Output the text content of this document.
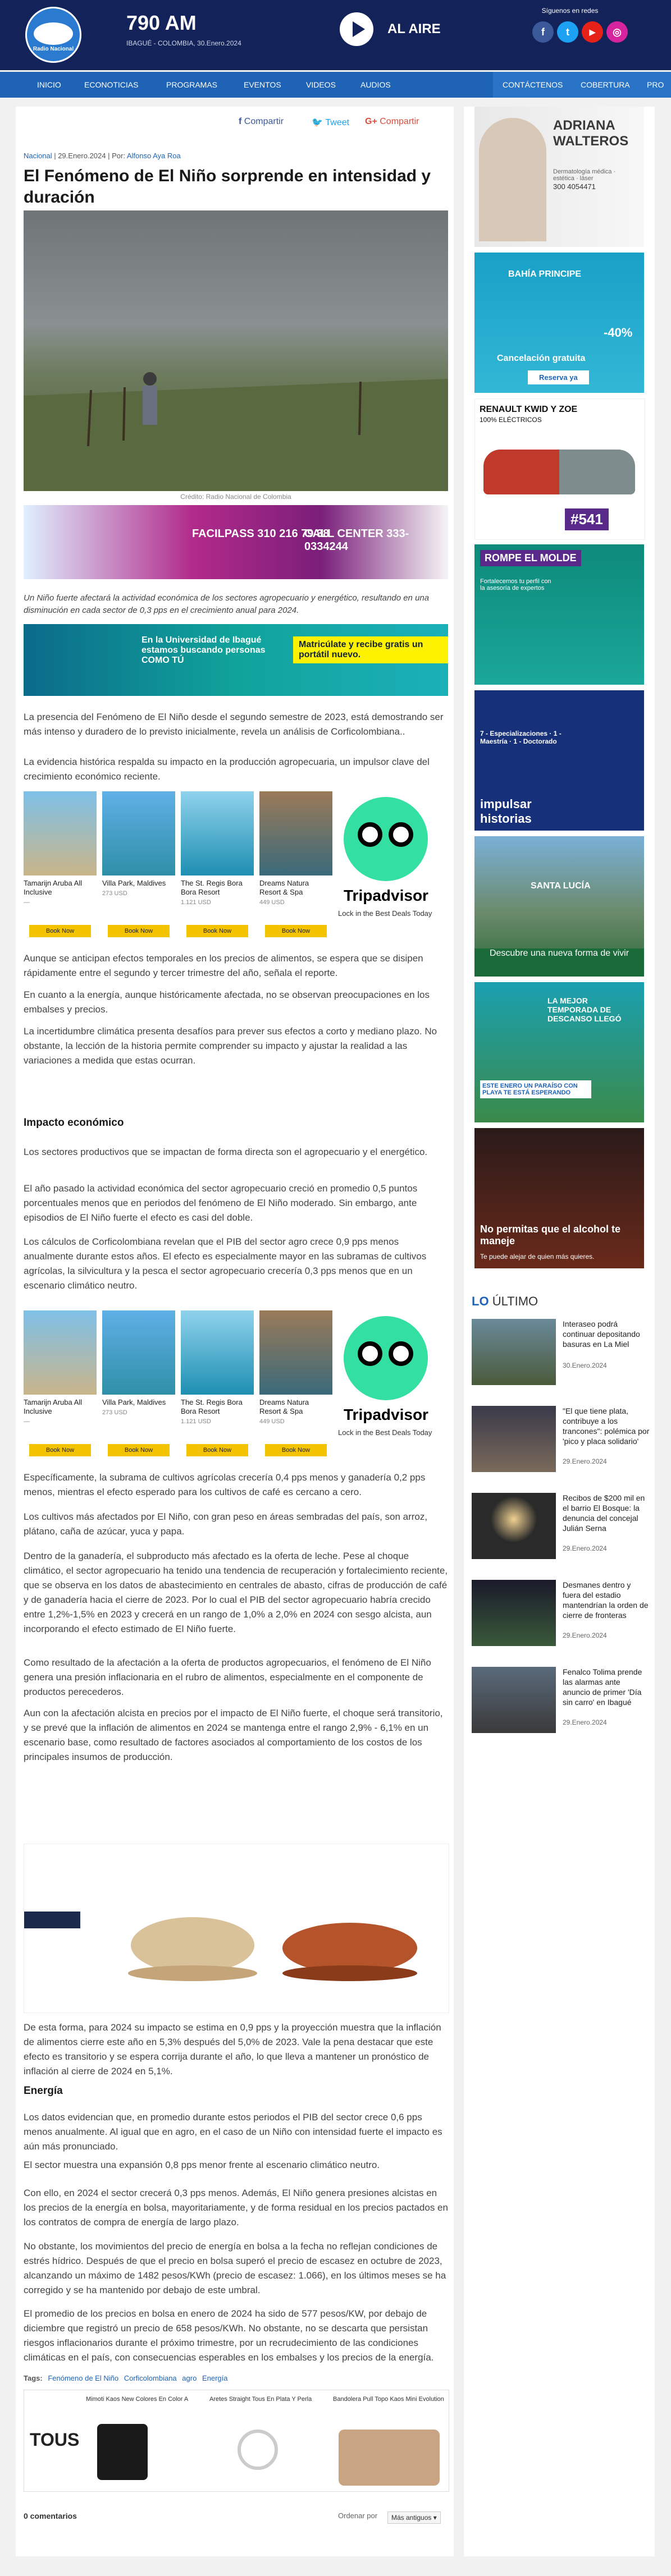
Radio Nacional
790 AM
IBAGUÉ - COLOMBIA, 30.Enero.2024
AL AIRE
Síguenos en redes
f	t	▶	◎
INICIO	ECONOTICIAS	PROGRAMAS	EVENTOS	VIDEOS	AUDIOS	CONTÁCTENOS COBERTURA PRO
f Compartir	🐦 Tweet G+ Compartir
Nacional | 29.Enero.2024 | Por: Alfonso Aya Roa
El Fenómeno de El Niño sorprende en intensidad y duración
Crédito: Radio Nacional de Colombia
FACILPASS 310 216 79 38
CALL CENTER 333-0334244
Un Niño fuerte afectará la actividad económica de los sectores agropecuario y energético, resultando en una disminución en cada sector de 0,3 pps en el crecimiento anual para 2024.
En la Universidad de Ibagué estamos buscando personas COMO TÚ
Matricúlate y recibe gratis un portátil nuevo.
La presencia del Fenómeno de El Niño desde el segundo semestre de 2023, está demostrando ser más intenso y duradero de lo previsto inicialmente, revela un análisis de Corficolombiana..
La evidencia histórica respalda su impacto en la producción agropecuaria, un impulsor clave del crecimiento económico reciente.
Tamarijn Aruba All Inclusive
—
Book Now
Villa Park, Maldives
273 USD
Book Now
The St. Regis Bora Bora Resort
1.121 USD
Book Now
Dreams Natura Resort & Spa
449 USD
Book Now
Tripadvisor
Lock in the Best Deals Today
Aunque se anticipan efectos temporales en los precios de alimentos, se espera que se disipen rápidamente entre el segundo y tercer trimestre del año, señala el reporte.
En cuanto a la energía, aunque históricamente afectada, no se observan preocupaciones en los embalses y precios.
La incertidumbre climática presenta desafíos para prever sus efectos a corto y mediano plazo. No obstante, la lección de la historia permite comprender su impacto y ajustar la realidad a las variaciones a medida que estas ocurran.
Impacto económico
Los sectores productivos que se impactan de forma directa son el agropecuario y el energético.
El año pasado la actividad económica del sector agropecuario creció en promedio 0,5 puntos porcentuales menos que en periodos del fenómeno de El Niño moderado. Sin embargo, ante episodios de El Niño fuerte el efecto es casi del doble.
Los cálculos de Corficolombiana revelan que el PIB del sector agro crece 0,9 pps menos anualmente durante estos años. El efecto es especialmente mayor en las subramas de cultivos agrícolas, la silvicultura y la pesca el sector agropecuario crecería 0,3 pps menos que en un escenario climático neutro.
Tamarijn Aruba All Inclusive
—
Book Now
Villa Park, Maldives
273 USD
Book Now
The St. Regis Bora Bora Resort
1.121 USD
Book Now
Dreams Natura Resort & Spa
449 USD
Book Now
Tripadvisor
Lock in the Best Deals Today
Específicamente, la subrama de cultivos agrícolas crecería 0,4 pps menos y ganadería 0,2 pps menos, mientras el efecto esperado para los cultivos de café es cercano a cero.
Los cultivos más afectados por El Niño, con gran peso en áreas sembradas del país, son arroz, plátano, caña de azúcar, yuca y papa.
Dentro de la ganadería, el subproducto más afectado es la oferta de leche. Pese al choque climático, el sector agropecuario ha tenido una tendencia de recuperación y fortalecimiento reciente, que se observa en los datos de abastecimiento en centrales de abasto, cifras de producción de café y de ganadería hacia el cierre de 2023. Por lo cual el PIB del sector agropecuario habría crecido entre 1,2%-1,5% en 2023 y crecerá en un rango de 1,0% a 2,0% en 2024 con sesgo alcista, aun incorporando el efecto estimado de El Niño fuerte.
Como resultado de la afectación a la oferta de productos agropecuarios, el fenómeno de El Niño genera una presión inflacionaria en el rubro de alimentos, especialmente en el componente de productos perecederos.
Aun con la afectación alcista en precios por el impacto de El Niño fuerte, el choque será transitorio, y se prevé que la inflación de alimentos en 2024 se mantenga entre el rango 2,9% - 6,1% en un escenario base, como resultado de factores asociados al comportamiento de los costos de los principales insumos de producción.
De esta forma, para 2024 su impacto se estima en 0,9 pps y la proyección muestra que la inflación de alimentos cierre este año en 5,3% después del 5,0% de 2023. Vale la pena destacar que este efecto es transitorio y se espera corrija durante el año, lo que lleva a mantener un pronóstico de inflación al cierre de 2024 en 5,1%.
Energía
Los datos evidencian que, en promedio durante estos periodos el PIB del sector crece 0,6 pps menos anualmente. Al igual que en agro, en el caso de un Niño con intensidad fuerte el impacto es aún más pronunciado.
El sector muestra una expansión 0,8 pps menor frente al escenario climático neutro.
Con ello, en 2024 el sector crecerá 0,3 pps menos. Además, El Niño genera presiones alcistas en los precios de la energía en bolsa, mayoritariamente, y de forma residual en los precios pactados en los contratos de compra de energía de largo plazo.
No obstante, los movimientos del precio de energía en bolsa a la fecha no reflejan condiciones de estrés hídrico. Después de que el precio en bolsa superó el precio de escasez en octubre de 2023, alcanzando un máximo de 1482 pesos/KWh (precio de escasez: 1.066), en los últimos meses se ha corregido y se ha mantenido por debajo de este umbral.
El promedio de los precios en bolsa en enero de 2024 ha sido de 577 pesos/KW, por debajo de diciembre que registró un precio de 658 pesos/KWh. No obstante, no se descarta que persistan riesgos inflacionarios durante el próximo trimestre, por un recrudecimiento de las condiciones climáticas en el país, con consecuencias esperables en los embalses y los precios de la energía.
Tags: Fenómeno de El Niño Corficolombiana agro Energía
TOUS
Mimoti Kaos New Colores En Color A	Aretes Straight Tous En Plata Y Perla	Bandolera Pull Topo Kaos Mini Evolution
0 comentarios	Ordenar por	Más antiguos ▾
ADRIANA WALTEROS
Dermatología médica · estética · láser
300 4054471
BAHÍA PRINCIPE
-40%
Cancelación gratuita
Reserva ya
RENAULT KWID Y ZOE
100% ELÉCTRICOS
#541
ROMPE EL MOLDE
Fortalecemos tu perfil con la asesoría de expertos
7 - Especializaciones · 1 - Maestría · 1 - Doctorado
impulsar historias
SANTA LUCÍA
Descubre una nueva forma de vivir
LA MEJOR TEMPORADA DE DESCANSO LLEGÓ
ESTE ENERO UN PARAÍSO CON PLAYA TE ESTÁ ESPERANDO
No permitas que el alcohol te maneje
Te puede alejar de quien más quieres.
LO ÚLTIMO
Interaseo podrá continuar depositando basuras en La Miel
30.Enero.2024
"El que tiene plata, contribuye a los trancones": polémica por 'pico y placa solidario'
29.Enero.2024
Recibos de $200 mil en el barrio El Bosque: la denuncia del concejal Julián Serna
29.Enero.2024
Desmanes dentro y fuera del estadio mantendrían la orden de cierre de fronteras
29.Enero.2024
Fenalco Tolima prende las alarmas ante anuncio de primer 'Día sin carro' en Ibagué
29.Enero.2024
